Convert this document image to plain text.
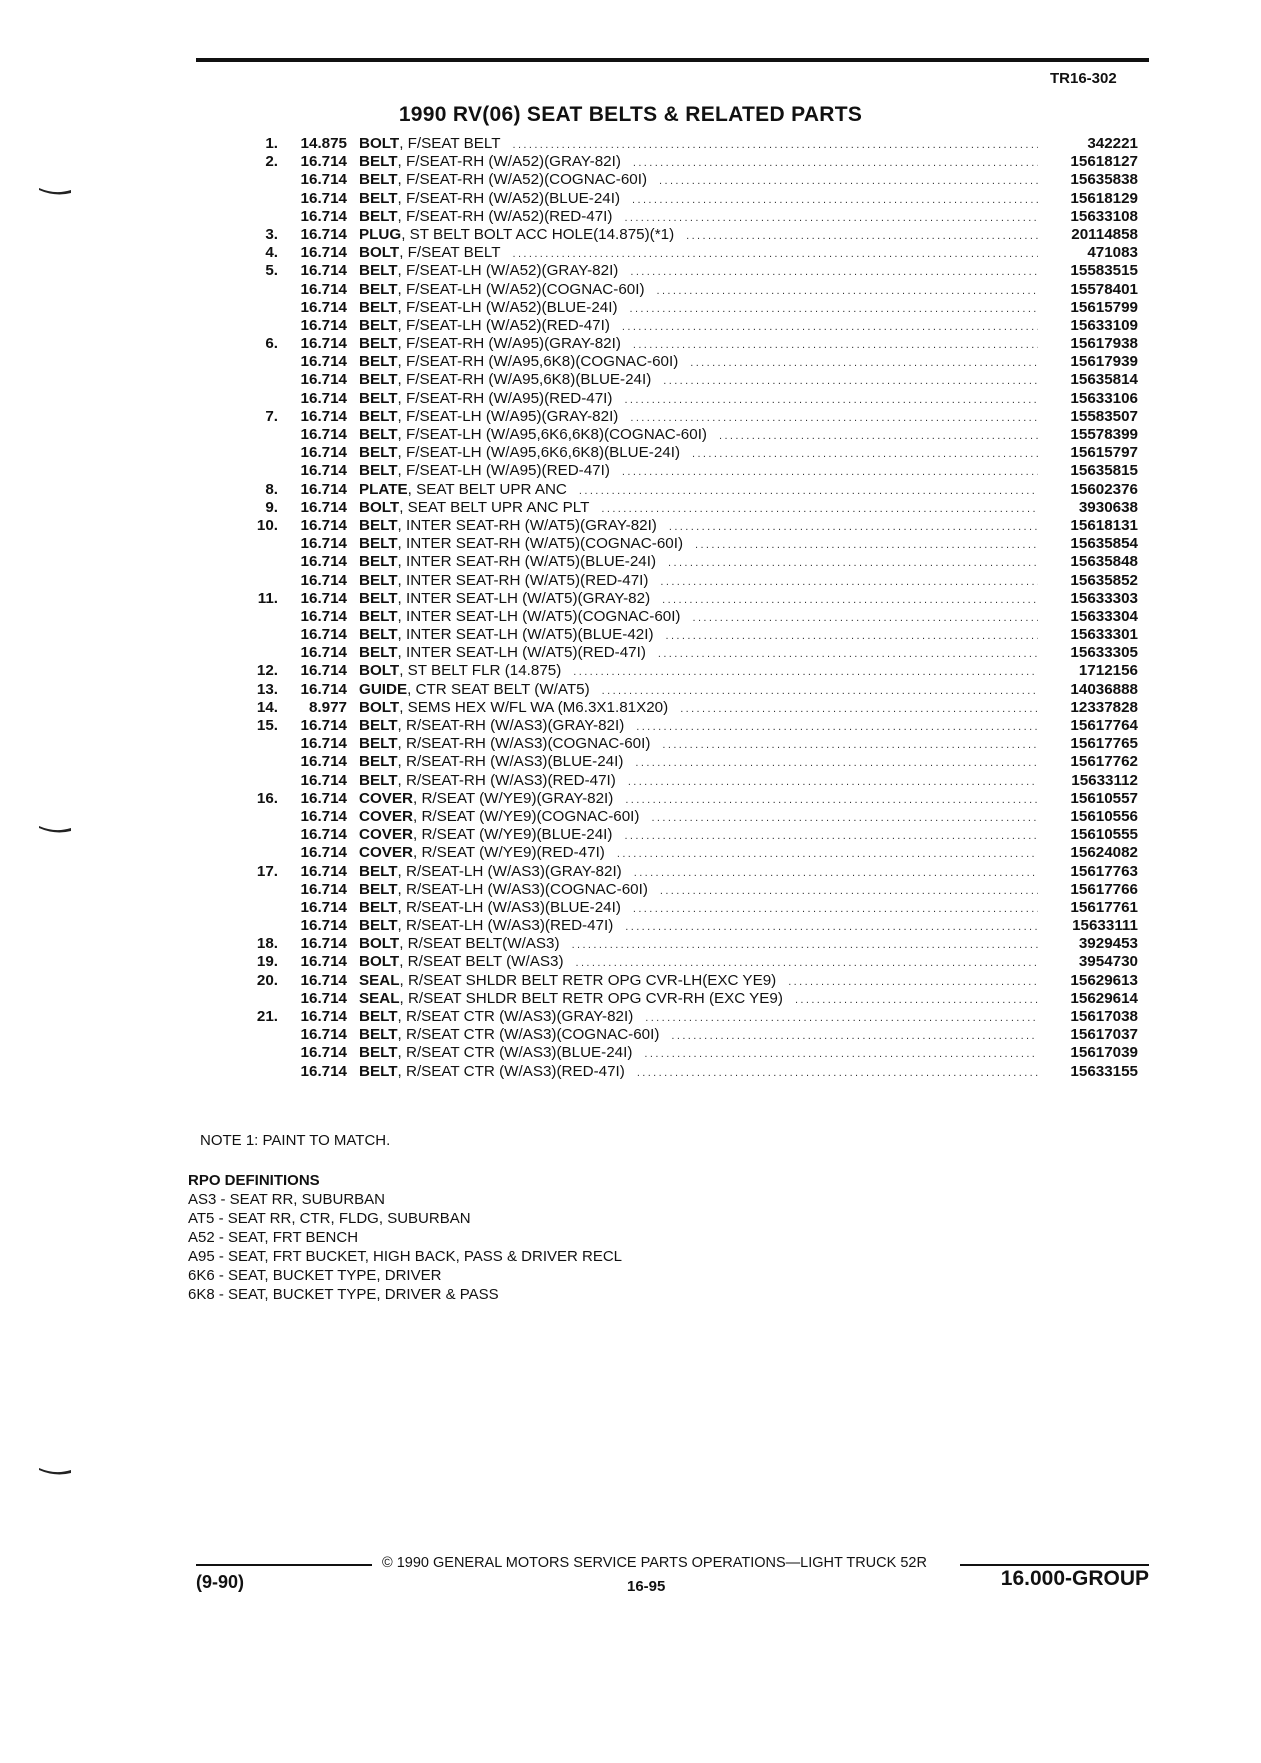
TR16-302
1990 RV(06) SEAT BELTS & RELATED PARTS
1.	14.875 BOLT, F/SEAT BELT .....	342221
2.	16.714 BELT, F/SEAT-RH (W/A52)(GRAY-82I) .....	15618127
16.714 BELT, F/SEAT-RH (W/A52)(COGNAC-60I) .....	15635838
16.714 BELT, F/SEAT-RH (W/A52)(BLUE-24I) .....	15618129
16.714 BELT, F/SEAT-RH (W/A52)(RED-47I) .....	15633108
3.	16.714 PLUG, ST BELT BOLT ACC HOLE(14.875)(*1) .....	20114858
4.	16.714 BOLT, F/SEAT BELT .....	471083
5.	16.714 BELT, F/SEAT-LH (W/A52)(GRAY-82I) .....	15583515
16.714 BELT, F/SEAT-LH (W/A52)(COGNAC-60I) .....	15578401
16.714 BELT, F/SEAT-LH (W/A52)(BLUE-24I) .....	15615799
16.714 BELT, F/SEAT-LH (W/A52)(RED-47I) .....	15633109
6.	16.714 BELT, F/SEAT-RH (W/A95)(GRAY-82I) .....	15617938
16.714 BELT, F/SEAT-RH (W/A95,6K8)(COGNAC-60I) .....	15617939
16.714 BELT, F/SEAT-RH (W/A95,6K8)(BLUE-24I) .....	15635814
16.714 BELT, F/SEAT-RH (W/A95)(RED-47I) .....	15633106
7.	16.714 BELT, F/SEAT-LH (W/A95)(GRAY-82I) .....	15583507
16.714 BELT, F/SEAT-LH (W/A95,6K6,6K8)(COGNAC-60I) .....	15578399
16.714 BELT, F/SEAT-LH (W/A95,6K6,6K8)(BLUE-24I) .....	15615797
16.714 BELT, F/SEAT-LH (W/A95)(RED-47I) .....	15635815
8.	16.714 PLATE, SEAT BELT UPR ANC .....	15602376
9.	16.714 BOLT, SEAT BELT UPR ANC PLT .....	3930638
10.	16.714 BELT, INTER SEAT-RH (W/AT5)(GRAY-82I) .....	15618131
16.714 BELT, INTER SEAT-RH (W/AT5)(COGNAC-60I) .....	15635854
16.714 BELT, INTER SEAT-RH (W/AT5)(BLUE-24I) .....	15635848
16.714 BELT, INTER SEAT-RH (W/AT5)(RED-47I) .....	15635852
11.	16.714 BELT, INTER SEAT-LH (W/AT5)(GRAY-82) .....	15633303
16.714 BELT, INTER SEAT-LH (W/AT5)(COGNAC-60I) .....	15633304
16.714 BELT, INTER SEAT-LH (W/AT5)(BLUE-42I) .....	15633301
16.714 BELT, INTER SEAT-LH (W/AT5)(RED-47I) .....	15633305
12.	16.714 BOLT, ST BELT FLR (14.875) .....	1712156
13.	16.714 GUIDE, CTR SEAT BELT (W/AT5) .....	14036888
14.	8.977 BOLT, SEMS HEX W/FL WA (M6.3X1.81X20) .....	12337828
15.	16.714 BELT, R/SEAT-RH (W/AS3)(GRAY-82I) .....	15617764
16.714 BELT, R/SEAT-RH (W/AS3)(COGNAC-60I) .....	15617765
16.714 BELT, R/SEAT-RH (W/AS3)(BLUE-24I) .....	15617762
16.714 BELT, R/SEAT-RH (W/AS3)(RED-47I) .....	15633112
16.	16.714 COVER, R/SEAT (W/YE9)(GRAY-82I) .....	15610557
16.714 COVER, R/SEAT (W/YE9)(COGNAC-60I) .....	15610556
16.714 COVER, R/SEAT (W/YE9)(BLUE-24I) .....	15610555
16.714 COVER, R/SEAT (W/YE9)(RED-47I) .....	15624082
17.	16.714 BELT, R/SEAT-LH (W/AS3)(GRAY-82I) .....	15617763
16.714 BELT, R/SEAT-LH (W/AS3)(COGNAC-60I) .....	15617766
16.714 BELT, R/SEAT-LH (W/AS3)(BLUE-24I) .....	15617761
16.714 BELT, R/SEAT-LH (W/AS3)(RED-47I) .....	15633111
18.	16.714 BOLT, R/SEAT BELT(W/AS3) .....	3929453
19.	16.714 BOLT, R/SEAT BELT (W/AS3) .....	3954730
20.	16.714 SEAL, R/SEAT SHLDR BELT RETR OPG CVR-LH(EXC YE9) .....	15629613
16.714 SEAL, R/SEAT SHLDR BELT RETR OPG CVR-RH (EXC YE9) .....	15629614
21.	16.714 BELT, R/SEAT CTR (W/AS3)(GRAY-82I) .....	15617038
16.714 BELT, R/SEAT CTR (W/AS3)(COGNAC-60I) .....	15617037
16.714 BELT, R/SEAT CTR (W/AS3)(BLUE-24I) .....	15617039
16.714 BELT, R/SEAT CTR (W/AS3)(RED-47I) .....	15633155
NOTE 1: PAINT TO MATCH.
RPO DEFINITIONS
AS3 - SEAT RR, SUBURBAN
AT5 - SEAT RR, CTR, FLDG, SUBURBAN
A52 - SEAT, FRT BENCH
A95 - SEAT, FRT BUCKET, HIGH BACK, PASS & DRIVER RECL
6K6 - SEAT, BUCKET TYPE, DRIVER
6K8 - SEAT, BUCKET TYPE, DRIVER & PASS
© 1990 GENERAL MOTORS SERVICE PARTS OPERATIONS—LIGHT TRUCK 52R
(9-90)	16-95	16.000-GROUP
